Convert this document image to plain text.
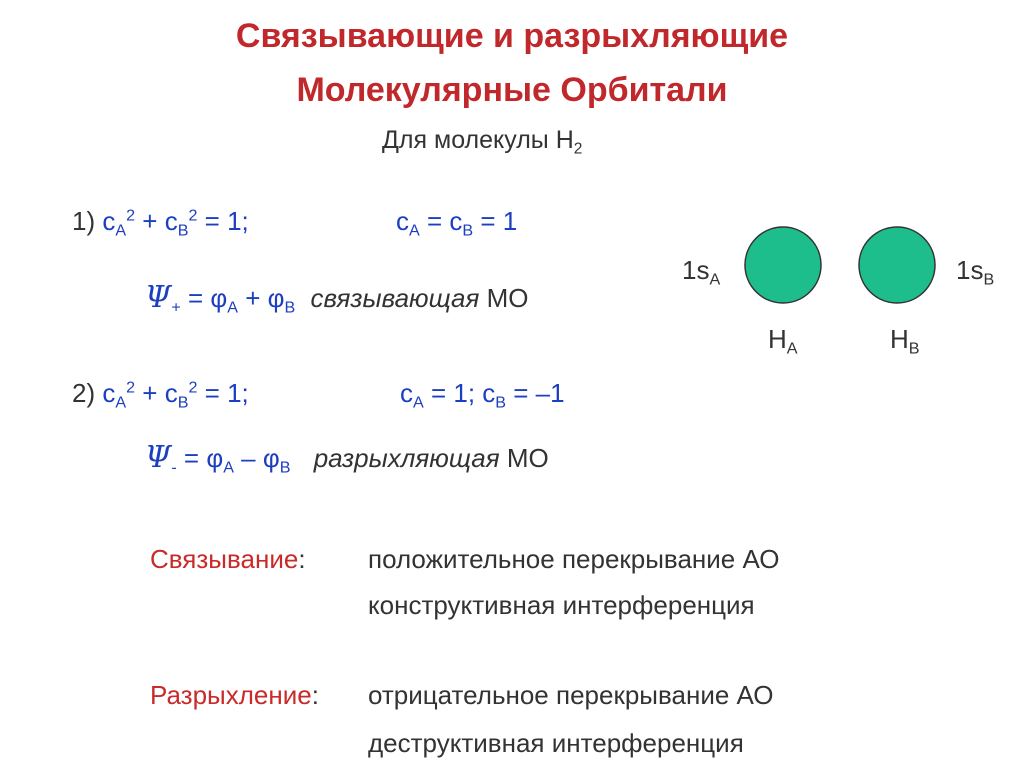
Связывающие и разрыхляющие
Молекулярные Орбитали
Для молекулы $H_2$
1) $c_A^2 + c_B^2 = 1$;	$c_A = c_B = 1$
$\Psi_+ = \varphi_A + \varphi_B$ связывающая МО
2) $c_A^2 + c_B^2 = 1$;	$c_A = 1$; $c_B = -1$
$\Psi_- = \varphi_A - \varphi_B$ разрыхляющая МО
$1s_A$	$1s_B$
$H_A$	$H_B$
Связывание: положительное перекрывание АО
конструктивная интерференция
Разрыхление: отрицательное перекрывание АО
деструктивная интерференция
